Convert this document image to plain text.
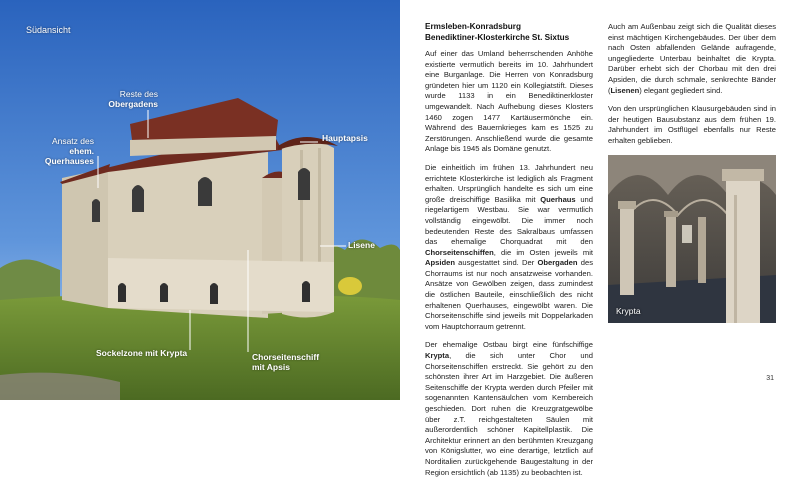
Südansicht
Reste des
Obergadens
Ansatz des
ehem. Querhauses
Hauptapsis
Lisene
Sockelzone mit Krypta	Chorseitenschiff
mit Apsis
Ermsleben-Konradsburg
Benediktiner-Klosterkirche St. Sixtus

Auf einer das Umland beherrschenden Anhöhe existierte vermutlich bereits im 10. Jahrhundert eine Burganlage. Die Herren von Konradsburg gründeten hier um 1120 ein Kollegiatstift. Dieses wurde 1133 in ein Benediktinerkloster umgewandelt. Nach Aufhebung dieses Klosters 1460 zogen 1477 Kartäusermönche ein. Während des Bauernkrieges kam es 1525 zu Zerstörungen. Anschließend wurde die gesamte Anlage bis 1945 als Domäne genutzt.

Die einheitlich im frühen 13. Jahrhundert neu errichtete Klosterkirche ist lediglich als Fragment erhalten. Ursprünglich handelte es sich um eine große dreischiffige Basilika mit Querhaus und riegelartigem Westbau. Sie war vermutlich vollständig eingewölbt. Die immer noch bedeutenden Reste des Sakralbaus umfassen das ehemalige Chorquadrat mit den Chorseitenschiffen, die im Osten jeweils mit Apsiden ausgestattet sind. Der Obergaden des Chorraums ist nur noch ansatzweise vorhanden. Ansätze von Gewölben zeigen, dass zumindest die östlichen Bauteile, einschließlich des nicht erhaltenen Querhauses, eingewölbt waren. Die Chorseitenschiffe sind jeweils mit Doppelarkaden vom Hauptchorraum getrennt.

Der ehemalige Ostbau birgt eine fünfschiffige Krypta, die sich unter Chor und Chorseitenschiffen erstreckt. Sie gehört zu den schönsten ihrer Art im Harzgebiet. Die äußeren Seitenschiffe der Krypta werden durch Pfeiler mit sogenannten Kantensäulchen vom Kernbereich geschieden. Dort ruhen die Kreuzgratgewölbe über z.T. reichgestalteten Säulen mit außerordentlich schöner Kapitellplastik. Die Architektur erinnert an den berühmten Kreuzgang von Königslutter, wo eine derartige, letztlich auf Norditalien zurückgehende Baugestaltung in der Region ersichtlich (ab 1135) zu beobachten ist.

Auch am Außenbau zeigt sich die Qualität dieses einst mächtigen Kirchengebäudes. Der über dem nach Osten abfallenden Gelände aufragende, ungegliederte Unterbau beinhaltet die Krypta. Darüber erhebt sich der Chorbau mit den drei Apsiden, die durch schmale, senkrechte Bänder (Lisenen) elegant gegliedert sind.

Von den ursprünglichen Klausurgebäuden sind in der heutigen Bausubstanz aus dem frühen 19. Jahrhundert im Ostflügel ebenfalls nur Reste erhalten geblieben.

Krypta
31
